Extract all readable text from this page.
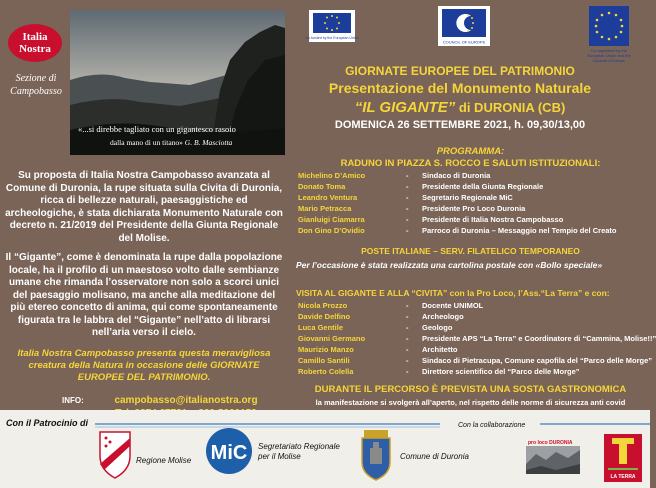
Italia
Nostra
Sezione di Campobasso
«...si direbbe tagliato con un gigantesco rasoio
dalla mano di un titano» G. B. Masciotta
Co-funded by the European Union
COUNCIL OF EUROPE
Co-organised by the European Union and the Council of Europe
GIORNATE EUROPEE DEL PATRIMONIO
Presentazione del Monumento Naturale
“IL GIGANTE” di DURONIA (CB)
DOMENICA 26 SETTEMBRE 2021, h. 09,30/13,00
Su proposta di Italia Nostra Campobasso avanzata al Comune di Duronia, la rupe situata sulla Civita di Duronia, ricca di bellezze naturali, paesaggistiche ed archeologiche, è stata dichiarata Monumento Naturale con decreto n. 21/2019 del Presidente della Giunta Regionale del Molise.
Il “Gigante”, come è denominata la rupe dalla popolazione locale, ha il profilo di un maestoso volto dalle sembianze umane che rimanda l’osservatore non solo a scorci unici del paesaggio molisano, ma anche alla meditazione del più etereo concetto di anima, qui come spontaneamente figurata tra le labbra del “Gigante” nell’atto di librarsi nell’aria verso il cielo.
Italia Nostra Campobasso presenta questa meravigliosa creatura della Natura in occasione delle GIORNATE EUROPEE DEL PATRIMONIO.
INFO:	campobasso@italianostra.org
PROGRAMMA:
RADUNO IN PIAZZA S. ROCCO E SALUTI ISTITUZIONALI:
Michelino D’Amico	-	Sindaco di Duronia
Donato Toma	-	Presidente della Giunta Regionale
Leandro Ventura	-	Segretario Regionale MiC
Mario Petracca	-	Presidente Pro Loco Duronia
Gianluigi Ciamarra	-	Presidente di Italia Nostra Campobasso
Don Gino D’Ovidio	-	Parroco di Duronia – Messaggio nel Tempio del Creato
POSTE ITALIANE – SERV. FILATELICO TEMPORANEO
Per l’occasione è stata realizzata una cartolina postale con «Bollo speciale»
VISITA AL GIGANTE E ALLA “CIVITA” con la Pro Loco, l’Ass.“La Terra” e con:
Nicola Prozzo	-	Docente UNIMOL
Davide Delfino	-	Archeologo
Luca Gentile	-	Geologo
Giovanni Germano	-	Presidente APS “La Terra” e Coordinatore di “Cammina, Molise!!”
Maurizio Manzo	-	Architetto
Camillo Santili	-	Sindaco di Pietracupa, Comune capofila del “Parco delle Morge”
Roberto Colella	-	Direttore scientifico del “Parco delle Morge”
DURANTE IL PERCORSO È PREVISTA UNA SOSTA GASTRONOMICA
la manifestazione si svolgerà all’aperto, nel rispetto delle norme di sicurezza anti covid
Con il Patrocinio di	Con la collaborazione
Regione Molise MiC Segretariato Regionale
per il Molise	Comune di Duronia
pro loco DURONIA
LA TERRA
